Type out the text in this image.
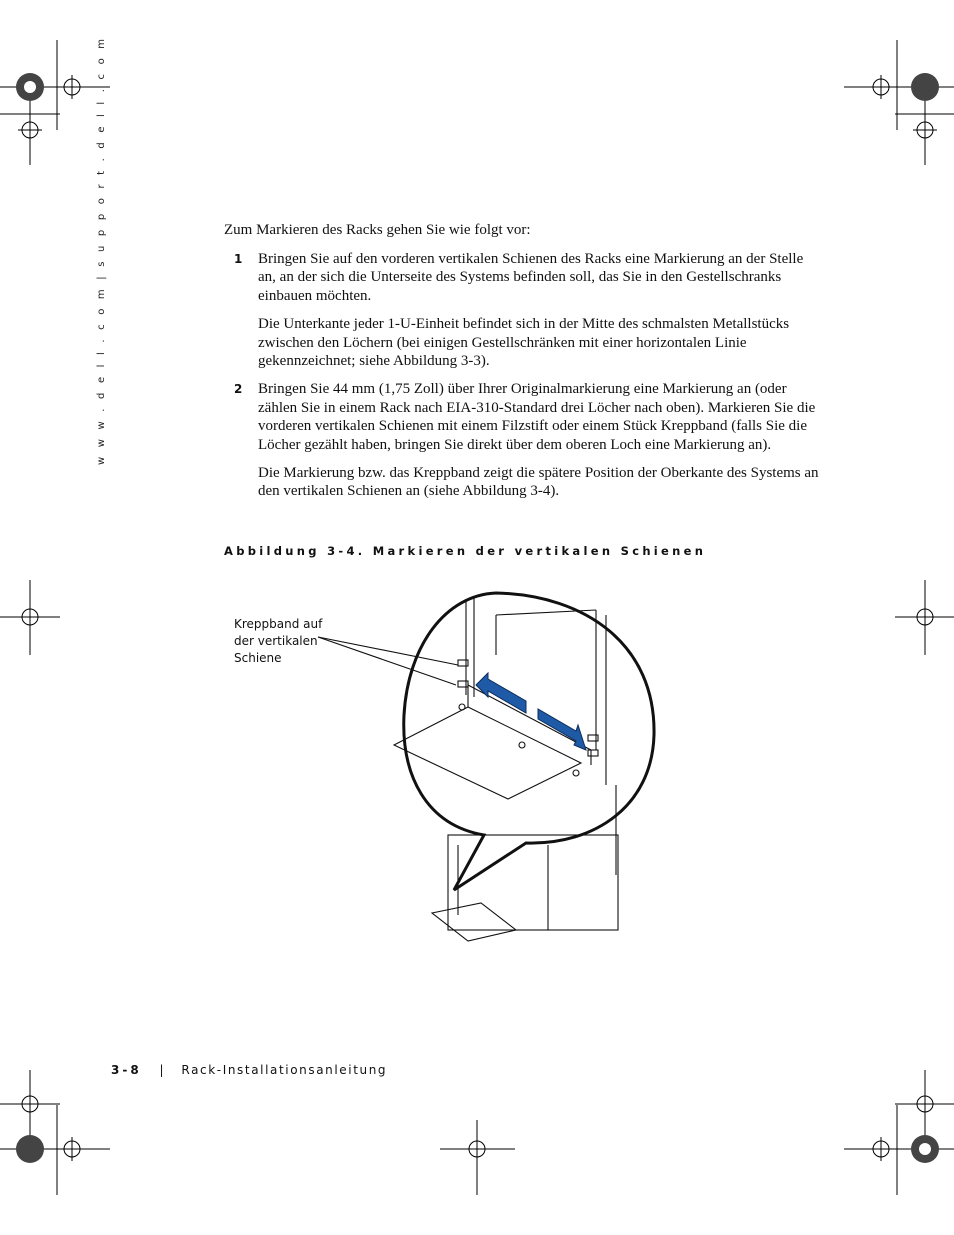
w w w . d e l l . c o m | s u p p o r t . d e l l . c o m	Zum Markieren des Racks gehen Sie wie folgt vor:

1 Bringen Sie auf den vorderen vertikalen Schienen des Racks eine Markierung an der Stelle an, an der sich die Unterseite des Systems befinden soll, das Sie in den Gestellschranks einbauen möchten.

Die Unterkante jeder 1-U-Einheit befindet sich in der Mitte des schmalsten Metallstücks zwischen den Löchern (bei einigen Gestellschränken mit einer horizontalen Linie gekennzeichnet; siehe Abbildung 3-3).

2 Bringen Sie 44 mm (1,75 Zoll) über Ihrer Originalmarkierung eine Markierung an (oder zählen Sie in einem Rack nach EIA-310-Standard drei Löcher nach oben). Markieren Sie die vorderen vertikalen Schienen mit einem Filzstift oder einem Stück Kreppband (falls Sie die Löcher gezählt haben, bringen Sie direkt über dem oberen Loch eine Markierung an).

Die Markierung bzw. das Kreppband zeigt die spätere Position der Oberkante des Systems an den vertikalen Schienen an (siehe Abbildung 3-4).

Abbildung 3-4. Markieren der vertikalen Schienen
Kreppband auf
der vertikalen
Schiene
3-8 | Rack-Installationsanleitung
